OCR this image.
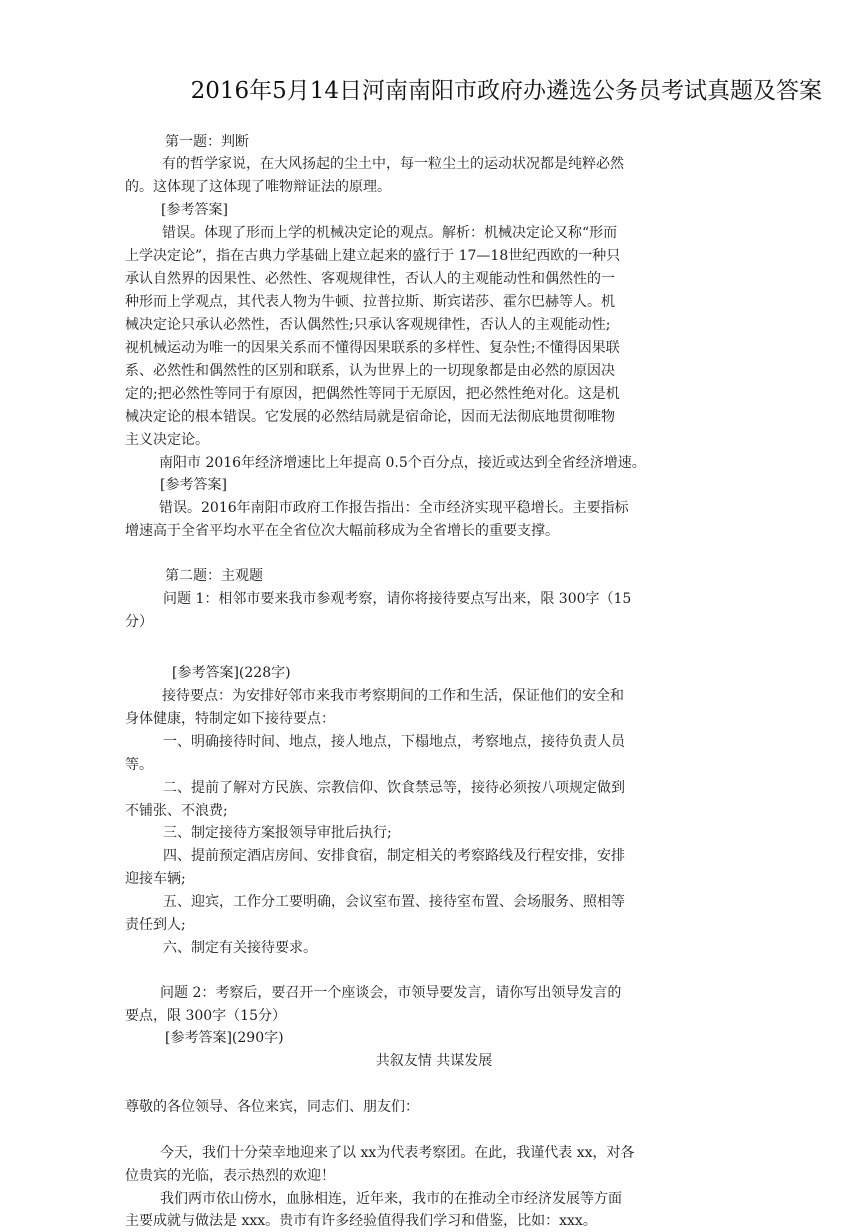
2016年5月14日河南南阳市政府办遴选公务员考试真题及答案
第一题：判断
有的哲学家说，在大风扬起的尘土中，每一粒尘土的运动状况都是纯粹必然
的。这体现了这体现了唯物辩证法的原理。
[参考答案]
错误。体现了形而上学的机械决定论的观点。解析：机械决定论又称“形而
上学决定论”，指在古典力学基础上建立起来的盛行于 17—18世纪西欧的一种只
承认自然界的因果性、必然性、客观规律性，否认人的主观能动性和偶然性的一
种形而上学观点，其代表人物为牛顿、拉普拉斯、斯宾诺莎、霍尔巴赫等人。机
械决定论只承认必然性，否认偶然性;只承认客观规律性，否认人的主观能动性;
视机械运动为唯一的因果关系而不懂得因果联系的多样性、复杂性;不懂得因果联
系、必然性和偶然性的区别和联系，认为世界上的一切现象都是由必然的原因决
定的;把必然性等同于有原因，把偶然性等同于无原因，把必然性绝对化。这是机
械决定论的根本错误。它发展的必然结局就是宿命论，因而无法彻底地贯彻唯物
主义决定论。
南阳市 2016年经济增速比上年提高 0.5个百分点，接近或达到全省经济增速。
[参考答案]
错误。2016年南阳市政府工作报告指出：全市经济实现平稳增长。主要指标
增速高于全省平均水平在全省位次大幅前移成为全省增长的重要支撑。
第二题：主观题
问题 1：相邻市要来我市参观考察，请你将接待要点写出来，限 300字（15
分）
[参考答案](228字)
接待要点：为安排好邻市来我市考察期间的工作和生活，保证他们的安全和
身体健康，特制定如下接待要点：
一、明确接待时间、地点，接人地点，下榻地点，考察地点，接待负责人员
等。
二、提前了解对方民族、宗教信仰、饮食禁忌等，接待必须按八项规定做到
不铺张、不浪费;
三、制定接待方案报领导审批后执行;
四、提前预定酒店房间、安排食宿，制定相关的考察路线及行程安排，安排
迎接车辆;
五、迎宾，工作分工要明确，会议室布置、接待室布置、会场服务、照相等
责任到人;
六、制定有关接待要求。
问题 2：考察后，要召开一个座谈会，市领导要发言，请你写出领导发言的
要点，限 300字（15分）
[参考答案](290字)
尊敬的各位领导、各位来宾，同志们、朋友们：
今天，我们十分荣幸地迎来了以 xx为代表考察团。在此，我谨代表 xx，对各
位贵宾的光临，表示热烈的欢迎！
我们两市依山傍水，血脉相连，近年来，我市的在推动全市经济发展等方面
主要成就与做法是 xxx。贵市有许多经验值得我们学习和借鉴，比如：xxx。
共叙友情 共谋发展
